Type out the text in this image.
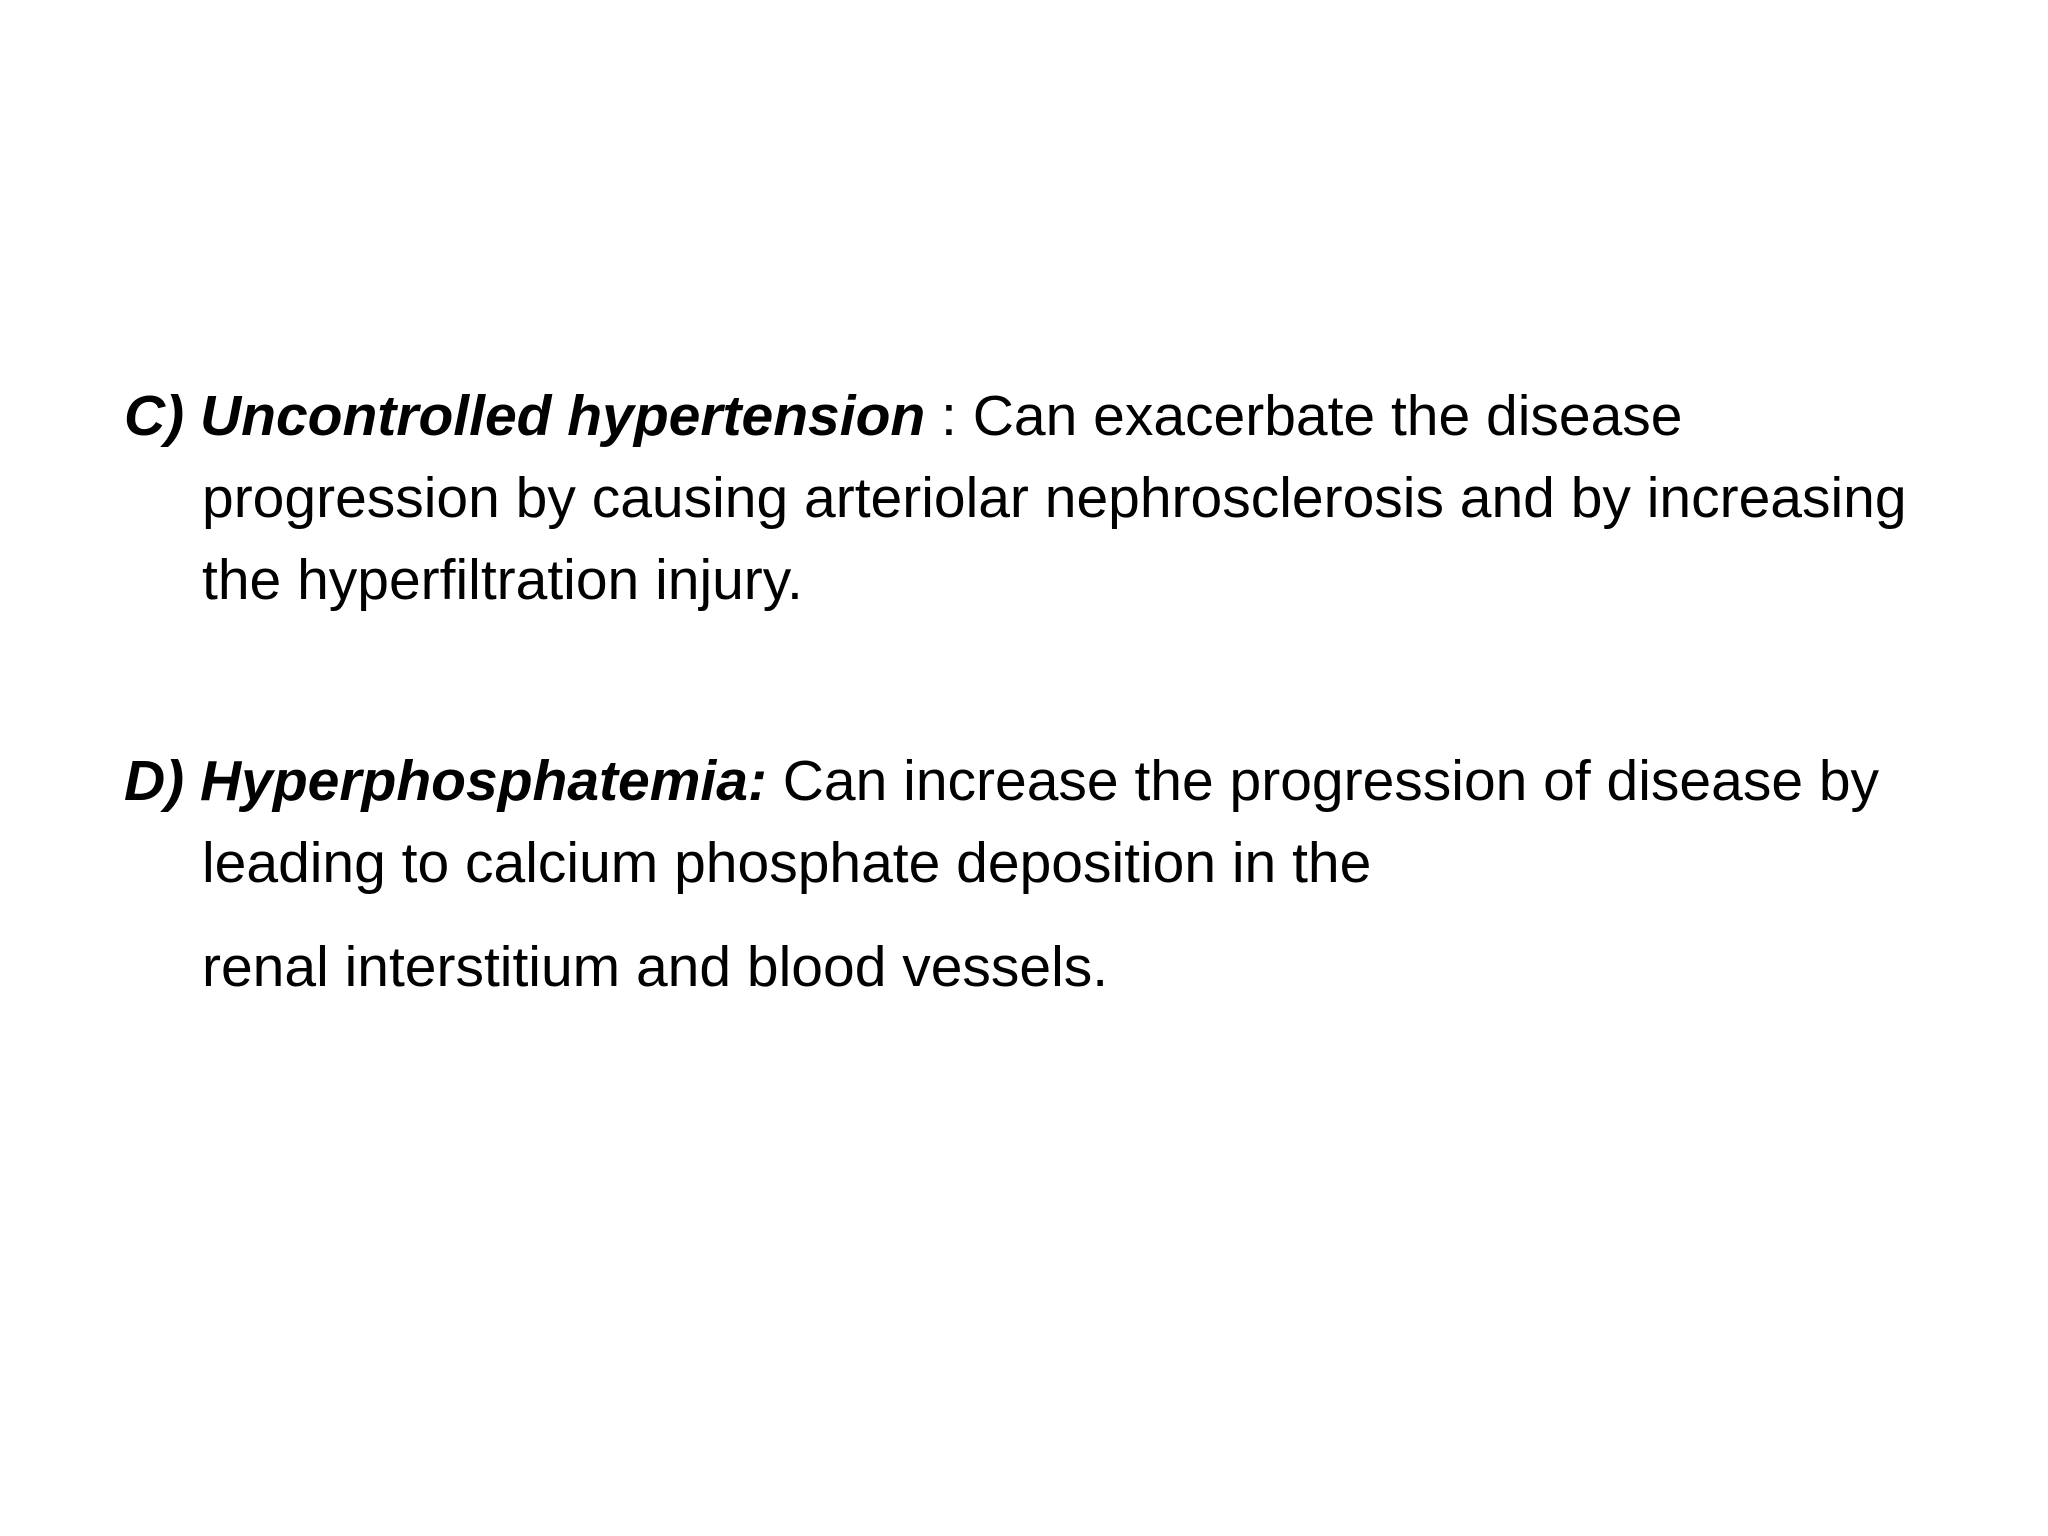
C) Uncontrolled hypertension : Can exacerbate the disease progression by causing arteriolar nephrosclerosis and by increasing the hyperfiltration injury.

D) Hyperphosphatemia: Can increase the progression of disease by leading to calcium phosphate deposition in the
renal interstitium and blood vessels.
